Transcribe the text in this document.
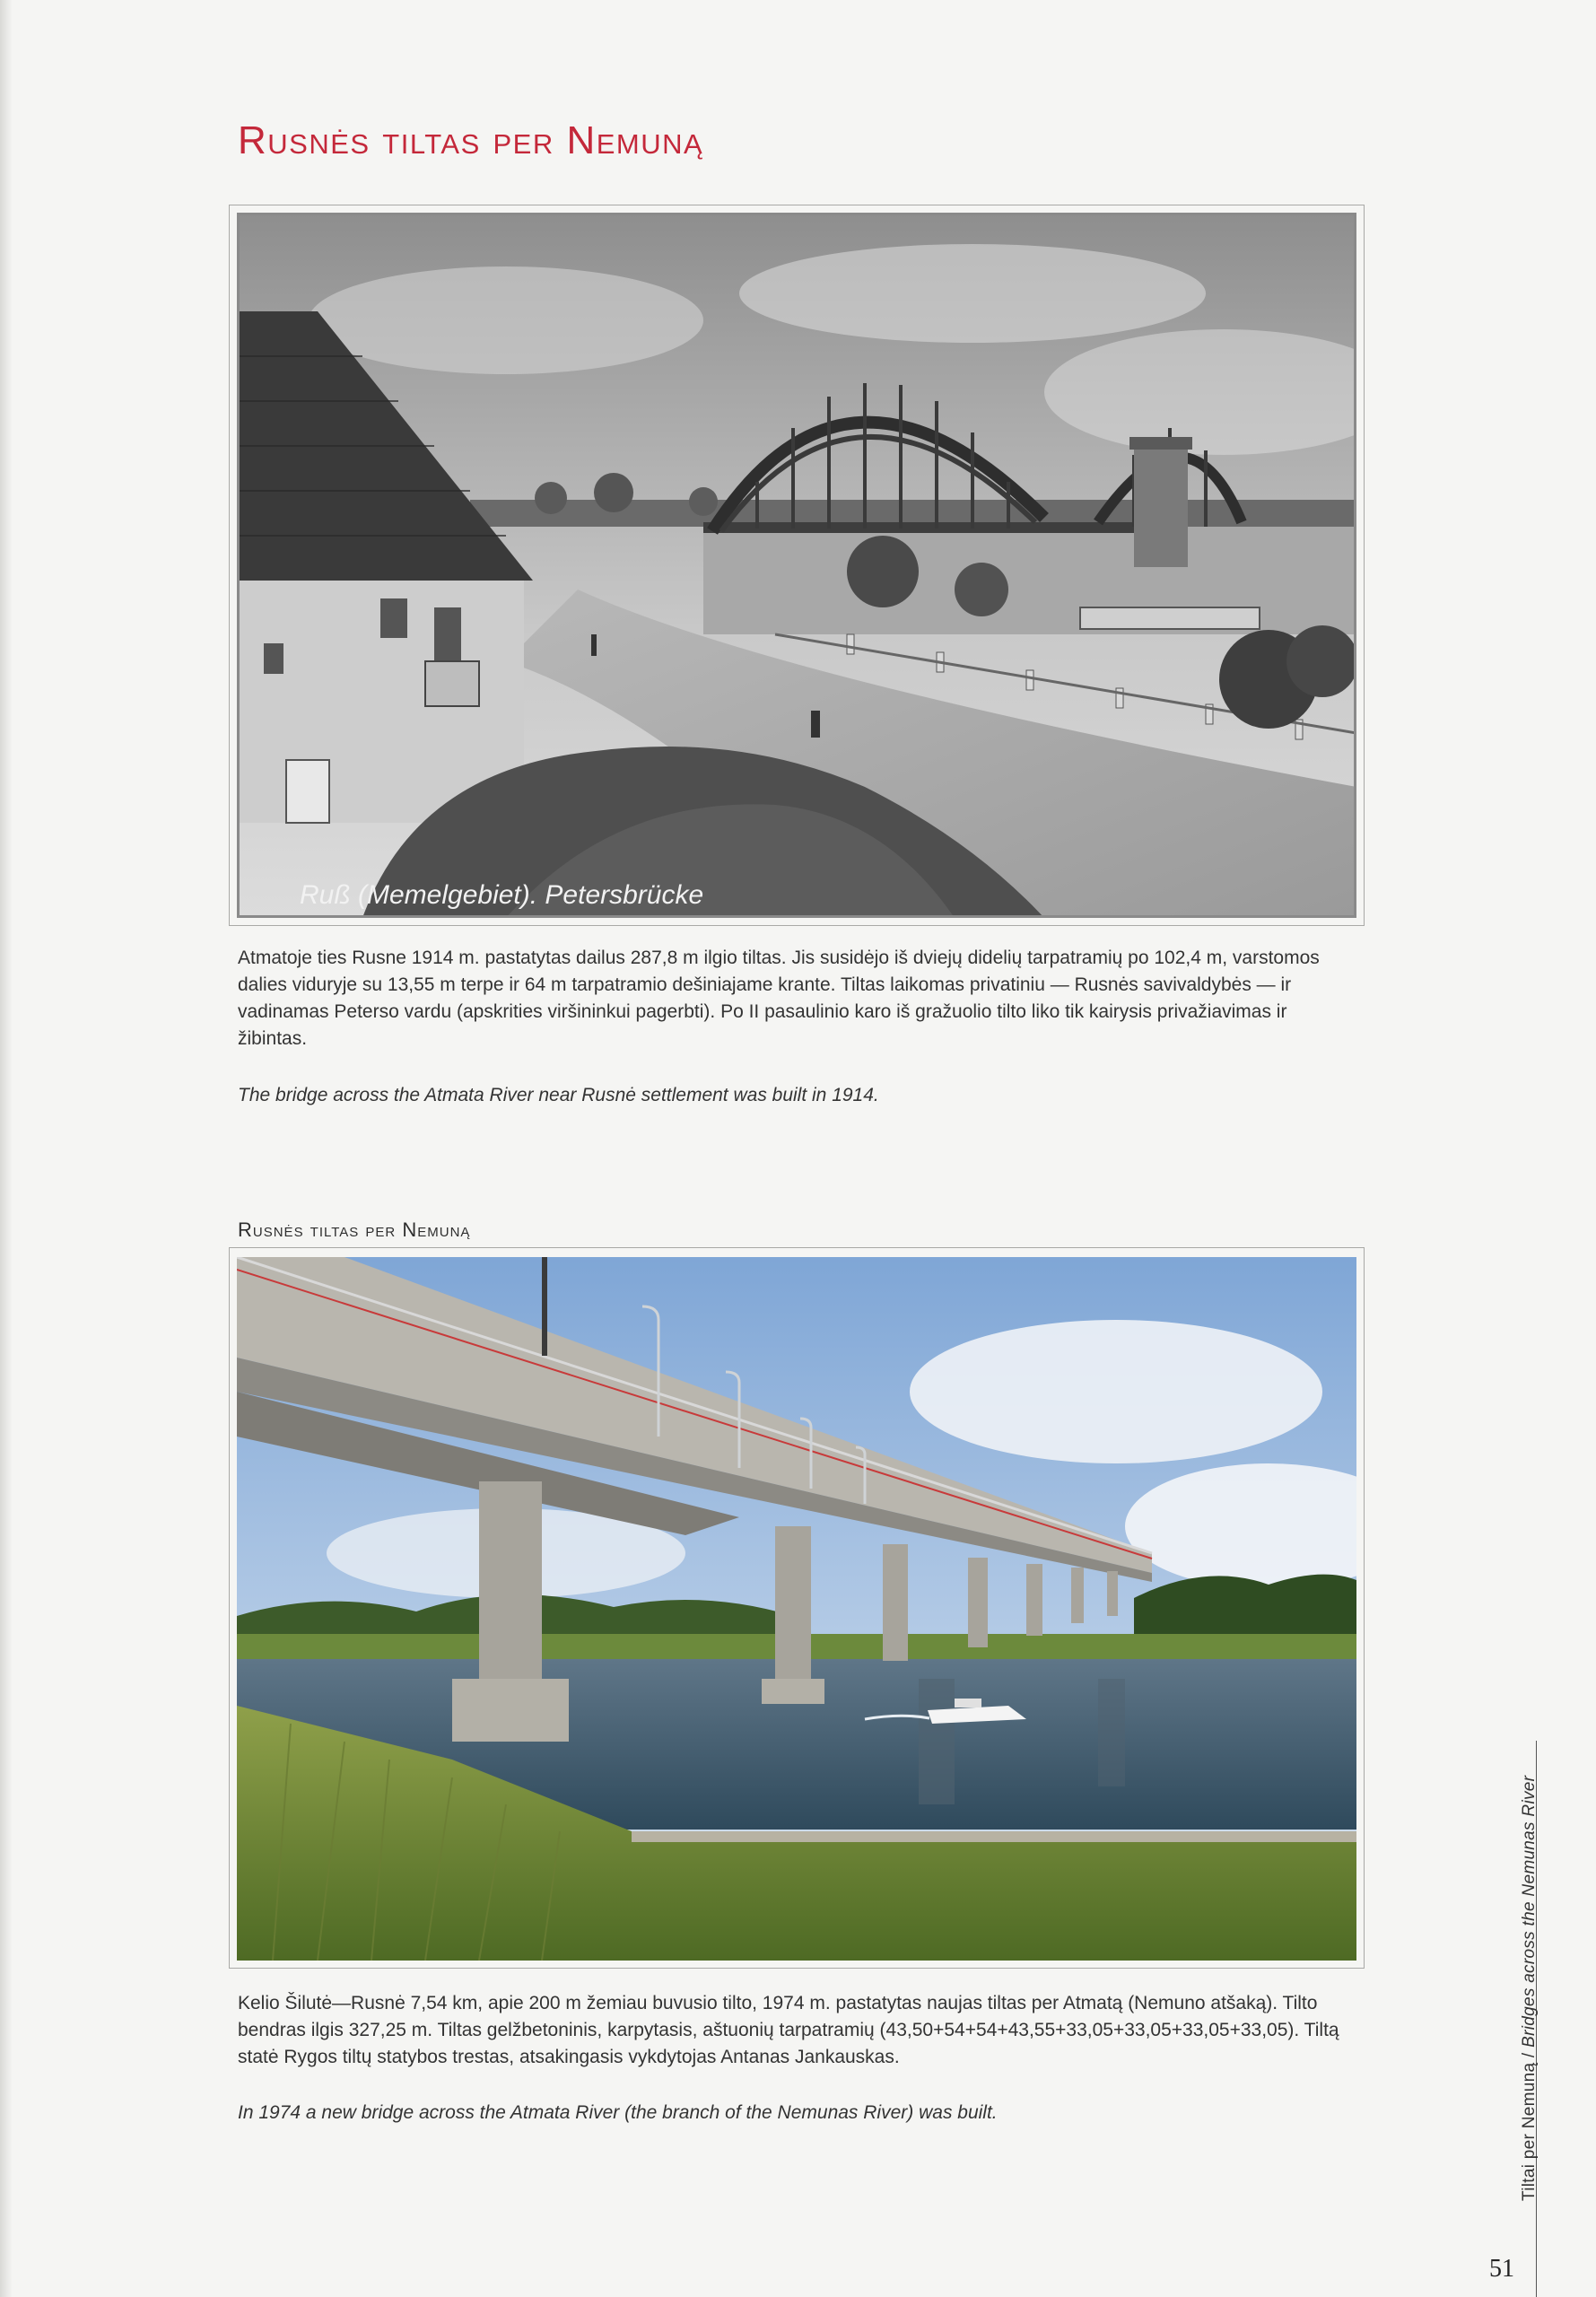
Rusnės tiltas per Nemuną
Ruß (Memelgebiet). Petersbrücke

Atmatoje ties Rusne 1914 m. pastatytas dailus 287,8 m ilgio tiltas. Jis susidėjo iš dviejų didelių tarpatramių po 102,4 m, varstomos dalies viduryje su 13,55 m terpe ir 64 m tarpatramio dešiniajame krante. Tiltas laikomas privatiniu — Rusnės savivaldybės — ir vadinamas Peterso vardu (apskrities viršininkui pagerbti). Po II pasaulinio karo iš gražuolio tilto liko tik kairysis privažiavimas ir žibintas.

The bridge across the Atmata River near Rusnė settlement was built in 1914.

Rusnės tiltas per Nemuną

Kelio Šilutė—Rusnė 7,54 km, apie 200 m žemiau buvusio tilto, 1974 m. pastatytas naujas tiltas per Atmatą (Nemuno atšaką). Tilto bendras ilgis 327,25 m. Tiltas gelžbetoninis, karpytasis, aštuonių tarpatramių (43,50+54+54+43,55+33,05+33,05+33,05+33,05). Tiltą statė Rygos tiltų statybos trestas, atsakingasis vykdytojas Antanas Jankauskas.

In 1974 a new bridge across the Atmata River (the branch of the Nemunas River) was built.	Tiltai per Nemuną / Bridges across the Nemunas River

51
